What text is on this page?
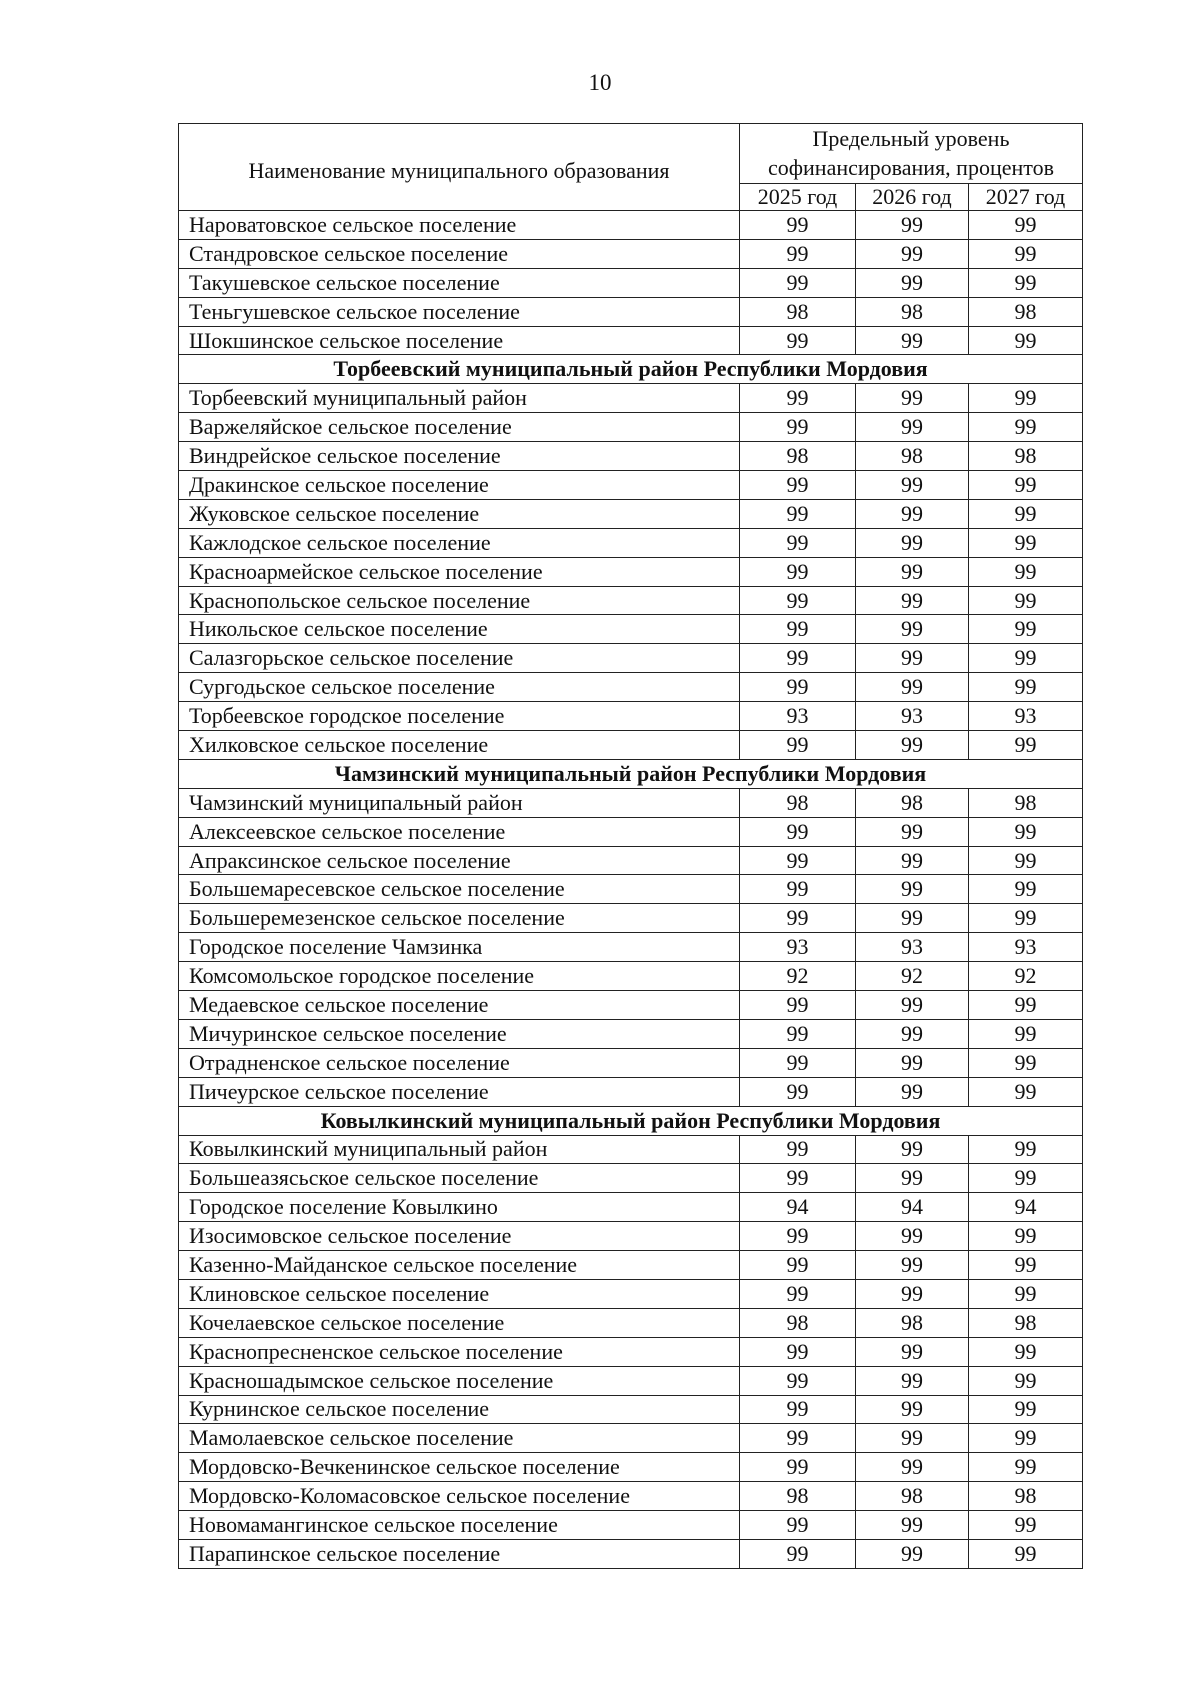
10
Наименование муниципального образования	Предельный уровень
софинансирования, процентов		
	2025 год	2026 год	2027 год
Нароватовское сельское поселение	99	99	99
Стандровское сельское поселение	99	99	99
Такушевское сельское поселение	99	99	99
Теньгушевское сельское поселение	98	98	98
Шокшинское сельское поселение	99	99	99
Торбеевский муниципальный район Республики Мордовия			
Торбеевский муниципальный район	99	99	99
Варжеляйское сельское поселение	99	99	99
Виндрейское сельское поселение	98	98	98
Дракинское сельское поселение	99	99	99
Жуковское сельское поселение	99	99	99
Кажлодское сельское поселение	99	99	99
Красноармейское сельское поселение	99	99	99
Краснопольское сельское поселение	99	99	99
Никольское сельское поселение	99	99	99
Салазгорьское сельское поселение	99	99	99
Сургодьское сельское поселение	99	99	99
Торбеевское городское поселение	93	93	93
Хилковское сельское поселение	99	99	99
Чамзинский муниципальный район Республики Мордовия			
Чамзинский муниципальный район	98	98	98
Алексеевское сельское поселение	99	99	99
Апраксинское сельское поселение	99	99	99
Большемаресевское сельское поселение	99	99	99
Большеремезенское сельское поселение	99	99	99
Городское поселение Чамзинка	93	93	93
Комсомольское городское поселение	92	92	92
Медаевское сельское поселение	99	99	99
Мичуринское сельское поселение	99	99	99
Отрадненское сельское поселение	99	99	99
Пичеурское сельское поселение	99	99	99
Ковылкинский муниципальный район Республики Мордовия			
Ковылкинский муниципальный район	99	99	99
Большеазясьское сельское поселение	99	99	99
Городское поселение Ковылкино	94	94	94
Изосимовское сельское поселение	99	99	99
Казенно-Майданское сельское поселение	99	99	99
Клиновское сельское поселение	99	99	99
Кочелаевское сельское поселение	98	98	98
Краснопресненское сельское поселение	99	99	99
Красношадымское сельское поселение	99	99	99
Курнинское сельское поселение	99	99	99
Мамолаевское сельское поселение	99	99	99
Мордовско-Вечкенинское сельское поселение	99	99	99
Мордовско-Коломасовское сельское поселение	98	98	98
Новомамангинское сельское поселение	99	99	99
Парапинское сельское поселение	99	99	99
